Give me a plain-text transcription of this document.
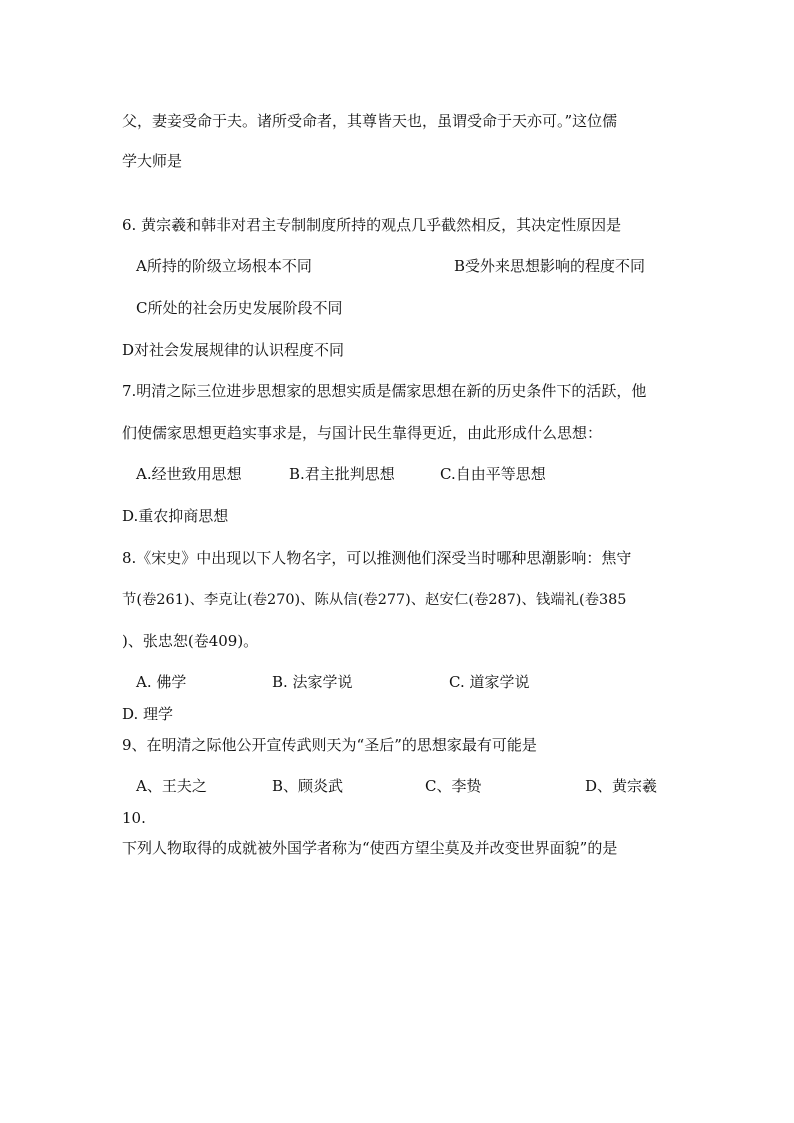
父，妻妾受命于夫。诸所受命者，其尊皆天也，虽谓受命于天亦可。”这位儒
学大师是
6. 黄宗羲和韩非对君主专制制度所持的观点几乎截然相反，其决定性原因是
A所持的阶级立场根本不同	B受外来思想影响的程度不同
C所处的社会历史发展阶段不同
D对社会发展规律的认识程度不同
7.明清之际三位进步思想家的思想实质是儒家思想在新的历史条件下的活跃，他
们使儒家思想更趋实事求是，与国计民生靠得更近，由此形成什么思想：
A.经世致用思想	B.君主批判思想	C.自由平等思想
D.重农抑商思想
8.《宋史》中出现以下人物名字，可以推测他们深受当时哪种思潮影响：焦守
节(卷261)、李克让(卷270)、陈从信(卷277)、赵安仁(卷287)、钱端礼(卷385
)、张忠恕(卷409)。
A. 佛学	B. 法家学说	C. 道家学说
D. 理学
9、在明清之际他公开宣传武则天为“圣后”的思想家最有可能是
A、王夫之	B、顾炎武	C、李贽	D、黄宗羲
10.
下列人物取得的成就被外国学者称为“使西方望尘莫及并改变世界面貌”的是
